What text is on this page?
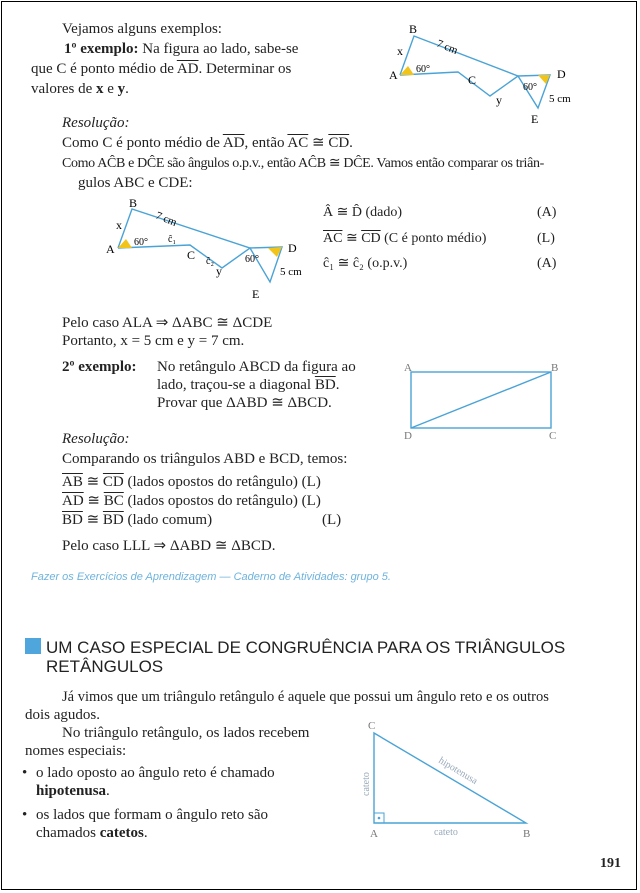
Vejamos alguns exemplos:
1º exemplo: Na figura ao lado, sabe-se
que C é ponto médio de $\overline{AD}$. Determinar os
valores de x e y.
A
B
C	D
E
x
y
7 cm
5 cm
60°
60°
Resolução:
Como C é ponto médio de $\overline{AD}$, então $\overline{AC}$ ≅ $\overline{CD}$.
Como AĈB e DĈE são ângulos o.p.v., então AĈB ≅ DĈE. Vamos então comparar os triân-
gulos ABC e CDE:
A
B
C	D
E
x
y
7 cm
5 cm
60°
60°
ĉ₁
ĉ₂
Â ≅ D̂ (dado)	(A)
$\overline{AC}$ ≅ $\overline{CD}$ (C é ponto médio)	(L)
ĉ₁ ≅ ĉ₂ (o.p.v.)	(A)
Pelo caso ALA ⇒ ΔABC ≅ ΔCDE
Portanto, x = 5 cm e y = 7 cm.
2º exemplo: No retângulo ABCD da figura ao
lado, traçou-se a diagonal $\overline{BD}$.
Provar que ΔABD ≅ ΔBCD.
A	B
C
D
Resolução:
Comparando os triângulos ABD e BCD, temos:
$\overline{AB}$ ≅ $\overline{CD}$ (lados opostos do retângulo) (L)
$\overline{AD}$ ≅ $\overline{BC}$ (lados opostos do retângulo) (L)
$\overline{BD}$ ≅ $\overline{BD}$ (lado comum)	(L)
Pelo caso LLL ⇒ ΔABD ≅ ΔBCD.
Fazer os Exercícios de Aprendizagem — Caderno de Atividades: grupo 5.
UM CASO ESPECIAL DE CONGRUÊNCIA PARA OS TRIÂNGULOS
RETÂNGULOS
Já vimos que um triângulo retângulo é aquele que possui um ângulo reto e os outros
dois agudos.
No triângulo retângulo, os lados recebem
nomes especiais:
• o lado oposto ao ângulo reto é chamado
hipotenusa.
• os lados que formam o ângulo reto são
chamados catetos.
C
A	B
hipotenusa
cateto
cateto
191
